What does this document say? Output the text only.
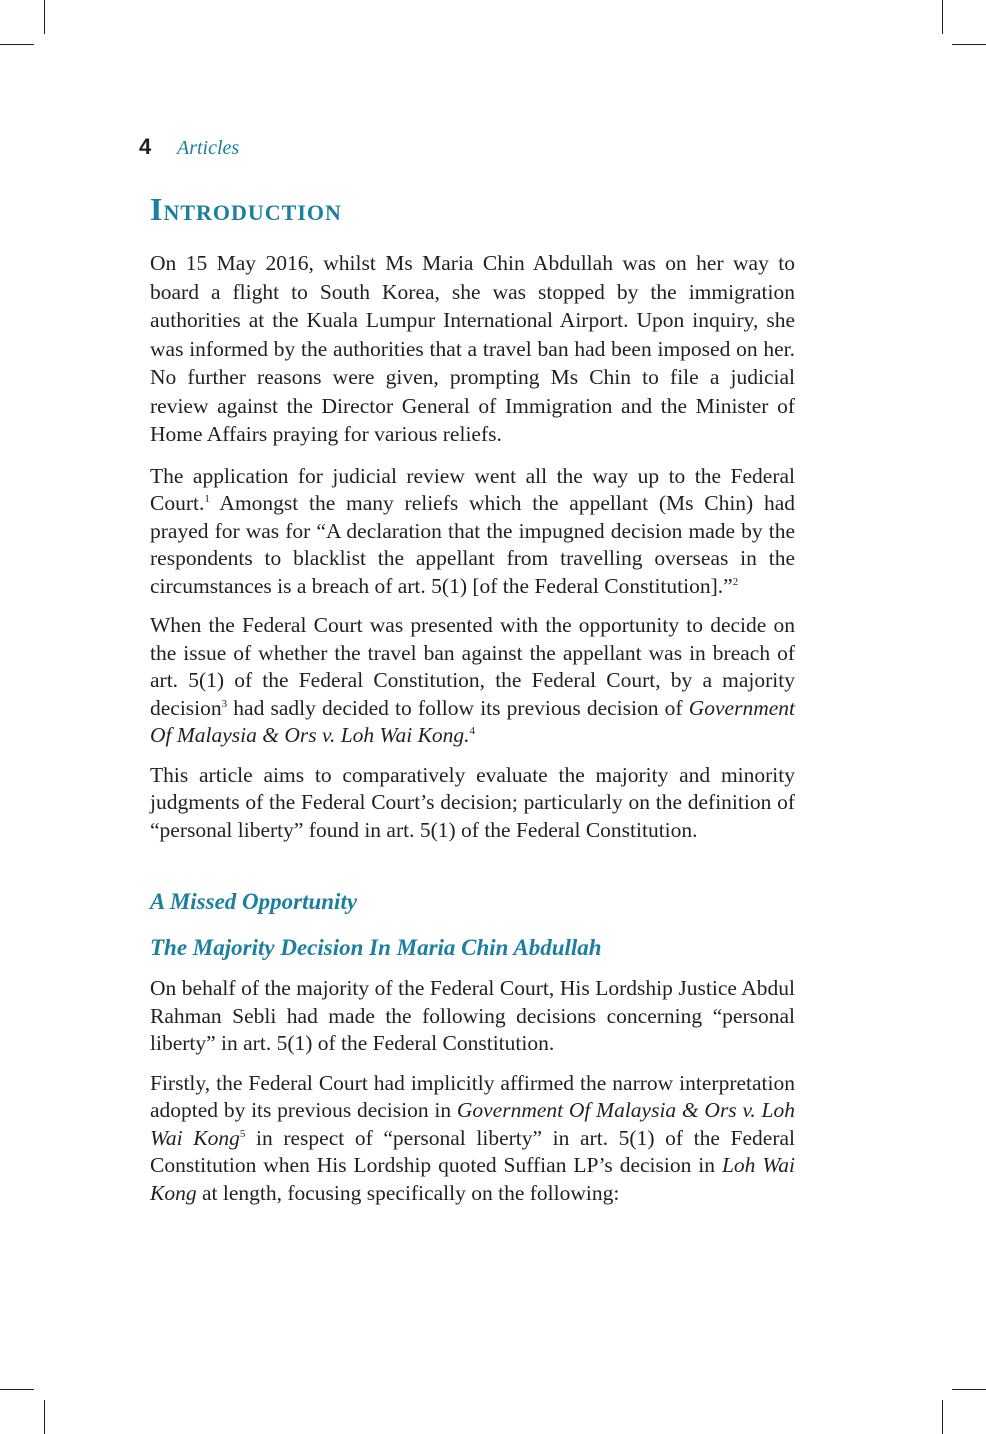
4	Articles
Introduction

On 15 May 2016, whilst Ms Maria Chin Abdullah was on her way to board a flight to South Korea, she was stopped by the immigration authorities at the Kuala Lumpur International Airport. Upon inquiry, she was informed by the authorities that a travel ban had been imposed on her. No further reasons were given, prompting Ms Chin to file a judicial review against the Director General of Immigration and the Minister of Home Affairs praying for various reliefs.

The application for judicial review went all the way up to the Federal Court.$^1$ Amongst the many reliefs which the appellant (Ms Chin) had prayed for was for “A declaration that the impugned decision made by the respondents to blacklist the appellant from travelling overseas in the circumstances is a breach of art. 5(1) [of the Federal Constitution].”$^2$

When the Federal Court was presented with the opportunity to decide on the issue of whether the travel ban against the appellant was in breach of art. 5(1) of the Federal Constitution, the Federal Court, by a majority decision$^3$ had sadly decided to follow its previous decision of Government Of Malaysia & Ors v. Loh Wai Kong.$^4$

This article aims to comparatively evaluate the majority and minority judgments of the Federal Court’s decision; particularly on the definition of “personal liberty” found in art. 5(1) of the Federal Constitution.

A Missed Opportunity
The Majority Decision In Maria Chin Abdullah

On behalf of the majority of the Federal Court, His Lordship Justice Abdul Rahman Sebli had made the following decisions concerning “personal liberty” in art. 5(1) of the Federal Constitution.

Firstly, the Federal Court had implicitly affirmed the narrow interpretation adopted by its previous decision in Government Of Malaysia & Ors v. Loh Wai Kong$^5$ in respect of “personal liberty” in art. 5(1) of the Federal Constitution when His Lordship quoted Suffian LP’s decision in Loh Wai Kong at length, focusing specifically on the following:
